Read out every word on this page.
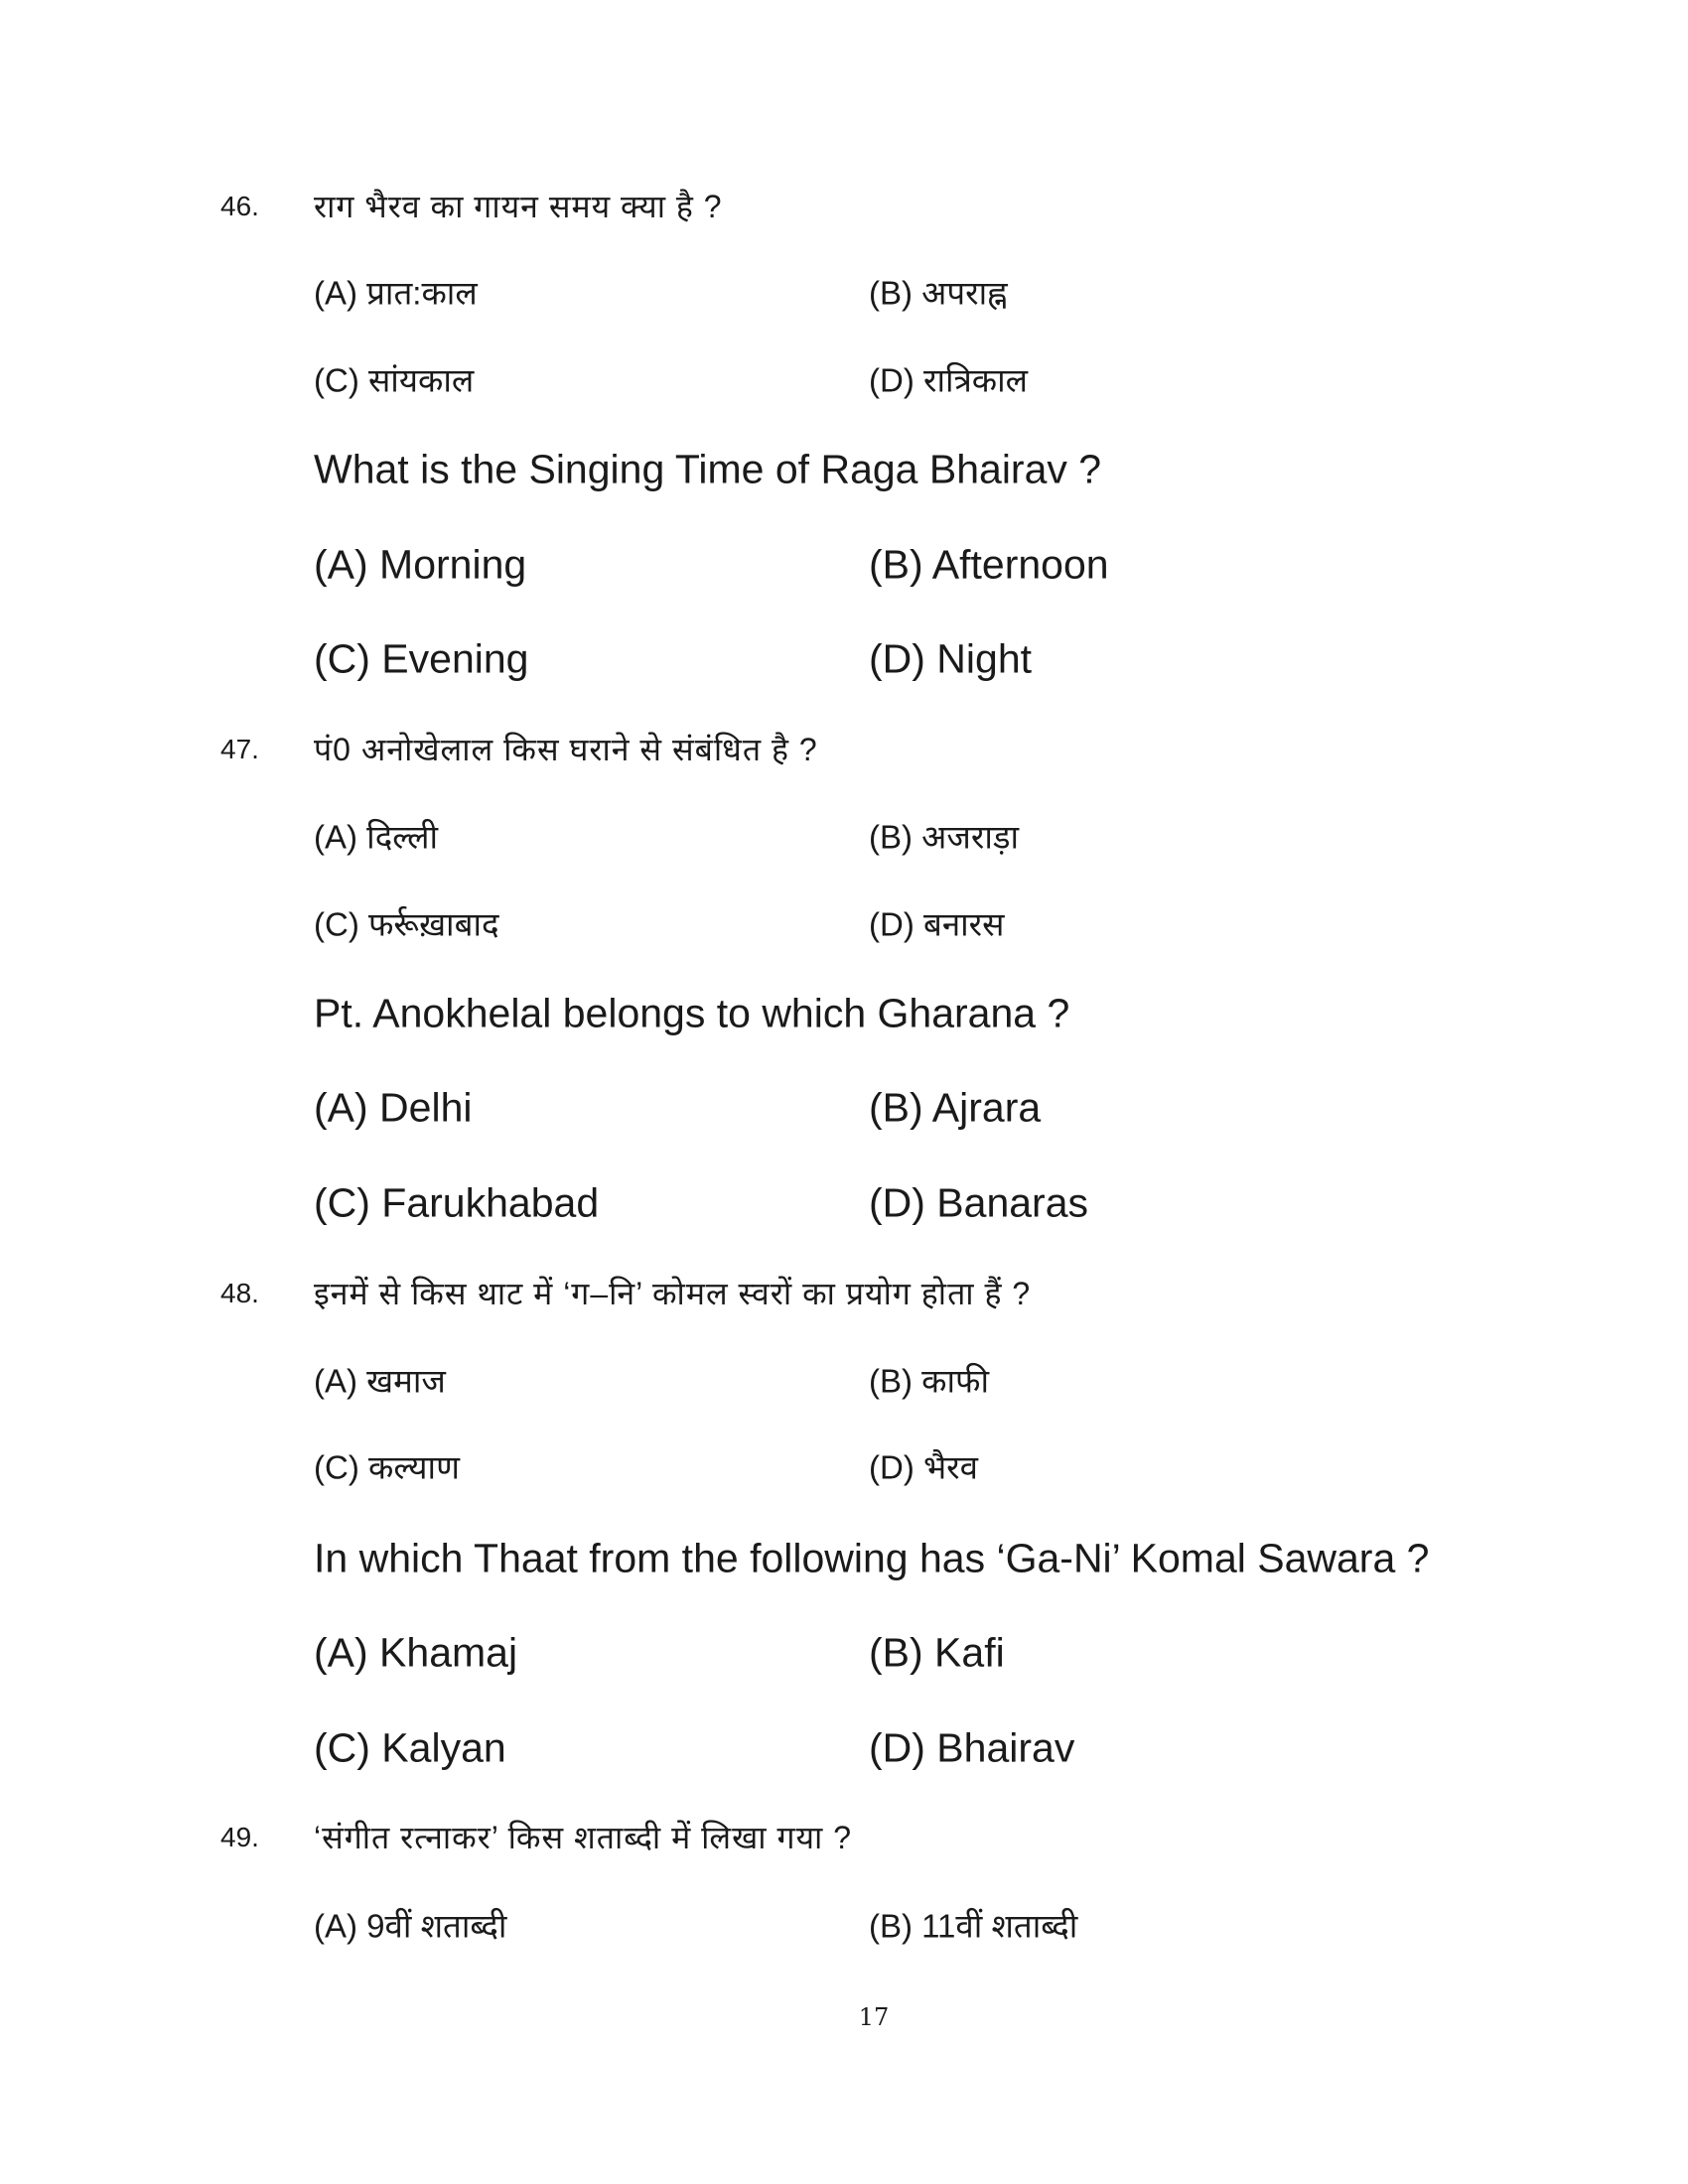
46. राग भैरव का गायन समय क्या है ?
(A) प्रात:काल	(B) अपराह्न
(C) सांयकाल	(D) रात्रिकाल
What is the Singing Time of Raga Bhairav ?
(A) Morning	(B) Afternoon
(C) Evening	(D) Night
47. पं0 अनोखेलाल किस घराने से संबंधित है ?
(A) दिल्ली	(B) अजराड़ा
(C) फर्रूख़ाबाद	(D) बनारस
Pt. Anokhelal belongs to which Gharana ?
(A) Delhi	(B) Ajrara
(C) Farukhabad	(D) Banaras
48. इनमें से किस थाट में ‘ग–नि’ कोमल स्वरों का प्रयोग होता हैं ?
(A) खमाज	(B) काफी
(C) कल्याण	(D) भैरव
In which Thaat from the following has ‘Ga-Ni’ Komal Sawara ?
(A) Khamaj	(B) Kafi
(C) Kalyan	(D) Bhairav
49. ‘संगीत रत्नाकर’ किस शताब्दी में लिखा गया ?
(A) 9वीं शताब्दी	(B) 11वीं शताब्दी
17
